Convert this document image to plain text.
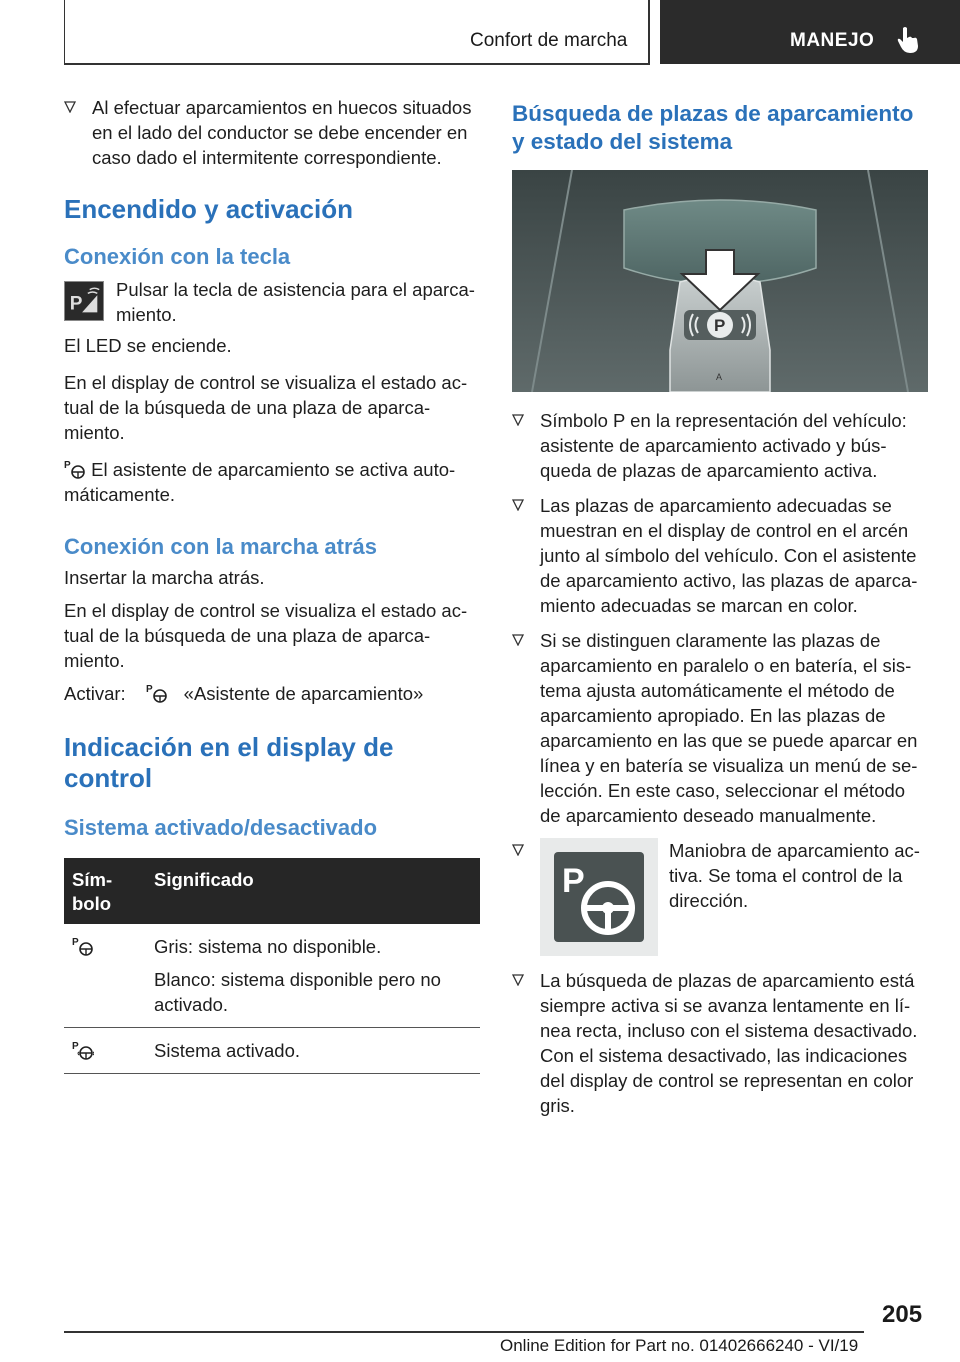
Confort de marcha	MANEJO
Al efectuar aparcamientos en huecos situados en el lado del conductor se debe encender en caso dado el intermitente correspondiente.
Encendido y activación
Conexión con la tecla
P
Pulsar la tecla de asistencia para el aparcamiento.
El LED se enciende.
En el display de control se visualiza el estado actual de la búsqueda de una plaza de aparcamiento.
P El asistente de aparcamiento se activa automáticamente.
Conexión con la marcha atrás
Insertar la marcha atrás.
En el display de control se visualiza el estado actual de la búsqueda de una plaza de aparcamiento.
Activar: P «Asistente de aparcamiento»
Indicación en el display de control
Sistema activado/desactivado
Símbolo	Significado

P	Gris: sistema no disponible.
Blanco: sistema disponible pero no activado.

P	Sistema activado.
Búsqueda de plazas de aparcamiento y estado del sistema
P
A
Símbolo P en la representación del vehículo: asistente de aparcamiento activado y búsqueda de plazas de aparcamiento activa.
Las plazas de aparcamiento adecuadas se muestran en el display de control en el arcén junto al símbolo del vehículo. Con el asistente de aparcamiento activo, las plazas de aparcamiento adecuadas se marcan en color.
Si se distinguen claramente las plazas de aparcamiento en paralelo o en batería, el sistema ajusta automáticamente el método de aparcamiento apropiado. En las plazas de aparcamiento en las que se puede aparcar en línea y en batería se visualiza un menú de selección. En este caso, seleccionar el método de aparcamiento deseado manualmente.
P
Maniobra de aparcamiento activa. Se toma el control de la dirección.
La búsqueda de plazas de aparcamiento está siempre activa si se avanza lentamente en línea recta, incluso con el sistema desactivado. Con el sistema desactivado, las indicaciones del display de control se representan en color gris.
205
Online Edition for Part no. 01402666240 - VI/19
